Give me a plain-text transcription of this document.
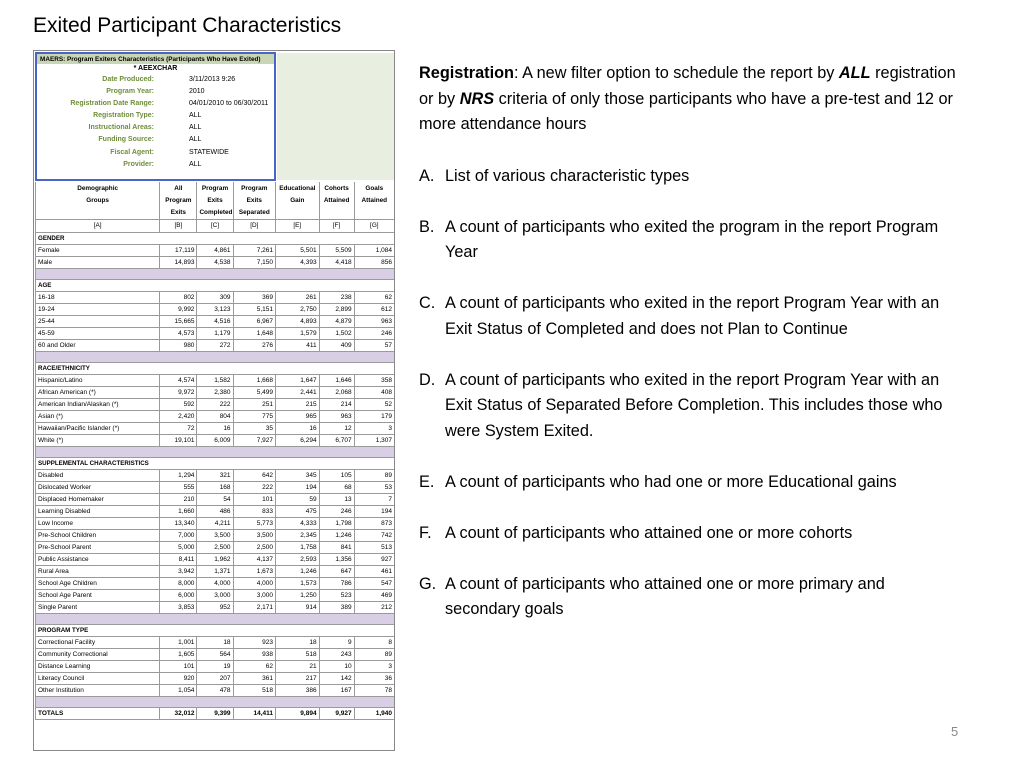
Exited Participant Characteristics
MAERS: Program Exiters Characteristics (Participants Who Have Exited)
* AEEXCHAR
Date Produced:	3/11/2013 9:26
Program Year:	2010
Registration Date Range:	04/01/2010 to 06/30/2011
Registration Type:	ALL
Instructional Areas:	ALL
Funding Source:	ALL
Fiscal Agent:	STATEWIDE
Provider:	ALL
Demographic	All	Program	Program	Educational	Cohorts	Goals
Groups	Program	Exits	Exits	Gain	Attained	Attained
	Exits	Completed	Separated			
[A]	[B]	[C]	[D]	[E]	[F]	[G]
GENDER						
Female	17,119	4,861	7,261	5,501	5,509	1,084
Male	14,893	4,538	7,150	4,393	4,418	856

AGE						
16-18	802	309	369	261	238	62
19-24	9,992	3,123	5,151	2,750	2,899	612
25-44	15,665	4,516	6,967	4,893	4,879	963
45-59	4,573	1,179	1,648	1,579	1,502	246
60 and Older	980	272	276	411	409	57

RACE/ETHNICITY						
Hispanic/Latino	4,574	1,582	1,668	1,647	1,646	358
African American (*)	9,972	2,380	5,499	2,441	2,068	408
American Indian/Alaskan (*)	592	222	251	215	214	52
Asian (*)	2,420	804	775	965	963	179
Hawaiian/Pacific Islander (*)	72	16	35	16	12	3
White (*)	19,101	6,009	7,927	6,294	6,707	1,307

SUPPLEMENTAL CHARACTERISTICS						
Disabled	1,294	321	642	345	105	89
Dislocated Worker	555	168	222	194	68	53
Displaced Homemaker	210	54	101	59	13	7
Learning Disabled	1,660	486	833	475	246	194
Low Income	13,340	4,211	5,773	4,333	1,798	873
Pre-School Children	7,000	3,500	3,500	2,345	1,246	742
Pre-School Parent	5,000	2,500	2,500	1,758	841	513
Public Assistance	8,411	1,962	4,137	2,593	1,356	927
Rural Area	3,942	1,371	1,673	1,246	647	461
School Age Children	8,000	4,000	4,000	1,573	786	547
School Age Parent	6,000	3,000	3,000	1,250	523	469
Single Parent	3,853	952	2,171	914	389	212

PROGRAM TYPE						
Correctional Facility	1,001	18	923	18	9	8
Community Correctional	1,605	564	938	518	243	89
Distance Learning	101	19	62	21	10	3
Literacy Council	920	207	361	217	142	36
Other Institution	1,054	478	518	386	167	78

TOTALS	32,012	9,399	14,411	9,894	9,927	1,940

Registration: A new filter option to schedule the report by ALL registration or by NRS criteria of only those participants who have a pre-test and 12 or more attendance hours

A. List of various characteristic types
B. A count of participants who exited the program in the report Program Year
C. A count of participants who exited in the report Program Year with an Exit Status of Completed and does not Plan to Continue
D. A count of participants who exited in the report Program Year with an Exit Status of Separated Before Completion. This includes those who were System Exited.
E. A count of participants who had one or more Educational gains
F. A count of participants who attained one or more cohorts
G. A count of participants who attained one or more primary and secondary goals
5
